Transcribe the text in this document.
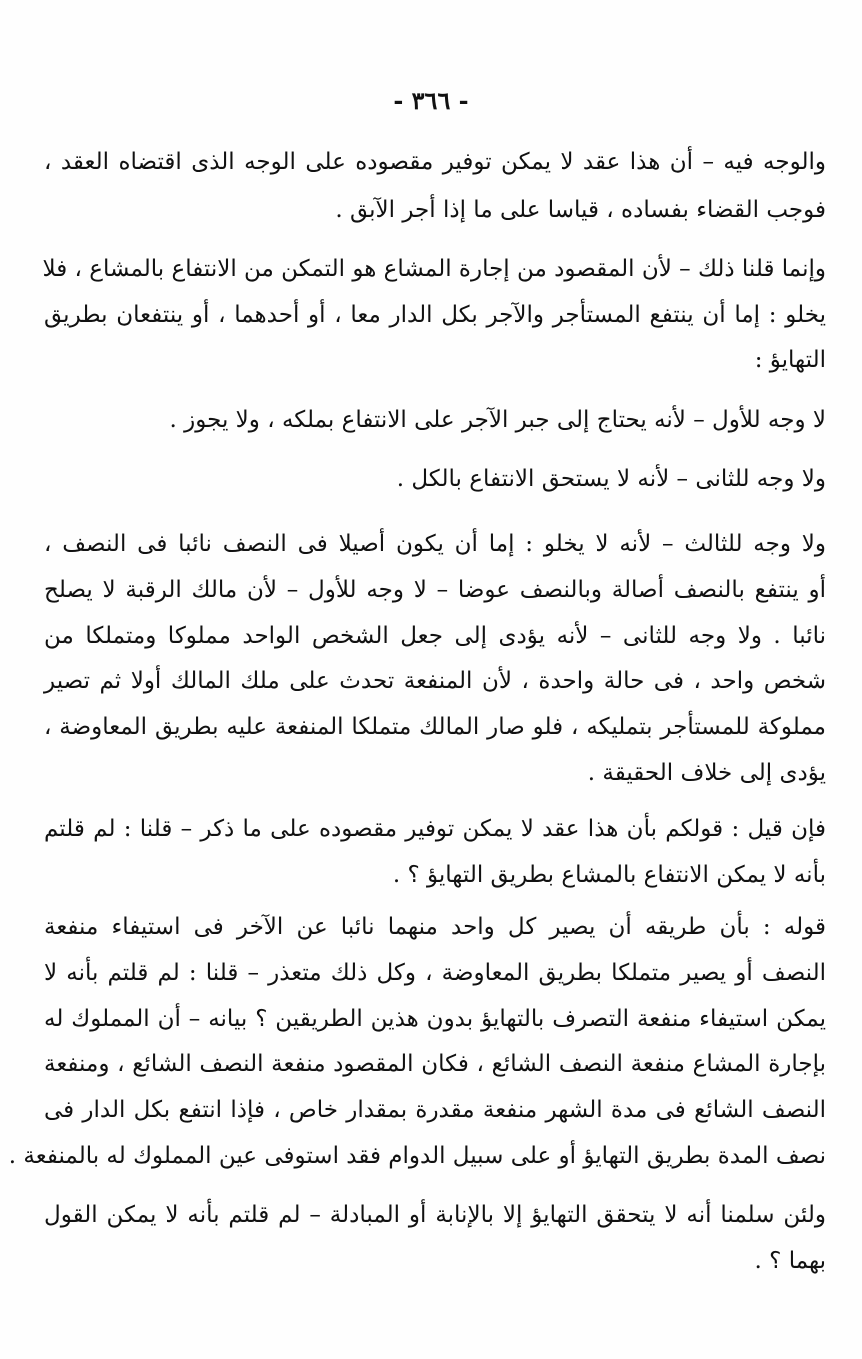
- ٣٦٦ -
والوجه فيه – أن هذا عقد لا يمكن توفير مقصوده على الوجه الذى اقتضاه العقد ،
فوجب القضاء بفساده ، قياسا على ما إذا أجر الآبق .
وإنما قلنا ذلك – لأن المقصود من إجارة المشاع هو التمكن من الانتفاع بالمشاع ، فلا
يخلو : إما أن ينتفع المستأجر والآجر بكل الدار معا ، أو أحدهما ، أو ينتفعان بطريق
التهايؤ :
لا وجه للأول – لأنه يحتاج إلى جبر الآجر على الانتفاع بملكه ، ولا يجوز .
ولا وجه للثانى – لأنه لا يستحق الانتفاع بالكل .
ولا وجه للثالث – لأنه لا يخلو : إما أن يكون أصيلا فى النصف نائبا فى النصف ،
أو ينتفع بالنصف أصالة وبالنصف عوضا – لا وجه للأول – لأن مالك الرقبة لا يصلح
نائبا . ولا وجه للثانى – لأنه يؤدى إلى جعل الشخص الواحد مملوكا ومتملكا من
شخص واحد ، فى حالة واحدة ، لأن المنفعة تحدث على ملك المالك أولا ثم تصير
مملوكة للمستأجر بتمليكه ، فلو صار المالك متملكا المنفعة عليه بطريق المعاوضة ،
يؤدى إلى خلاف الحقيقة .
فإن قيل : قولكم بأن هذا عقد لا يمكن توفير مقصوده على ما ذكر – قلنا : لم قلتم
بأنه لا يمكن الانتفاع بالمشاع بطريق التهايؤ ؟ .
قوله : بأن طريقه أن يصير كل واحد منهما نائبا عن الآخر فى استيفاء منفعة
النصف أو يصير متملكا بطريق المعاوضة ، وكل ذلك متعذر – قلنا : لم قلتم بأنه لا
يمكن استيفاء منفعة التصرف بالتهايؤ بدون هذين الطريقين ؟ بيانه – أن المملوك له
بإجارة المشاع منفعة النصف الشائع ، فكان المقصود منفعة النصف الشائع ، ومنفعة
النصف الشائع فى مدة الشهر منفعة مقدرة بمقدار خاص ، فإذا انتفع بكل الدار فى
نصف المدة بطريق التهايؤ أو على سبيل الدوام فقد استوفى عين المملوك له بالمنفعة .
ولئن سلمنا أنه لا يتحقق التهايؤ إلا بالإنابة أو المبادلة – لم قلتم بأنه لا يمكن القول
بهما ؟ .
